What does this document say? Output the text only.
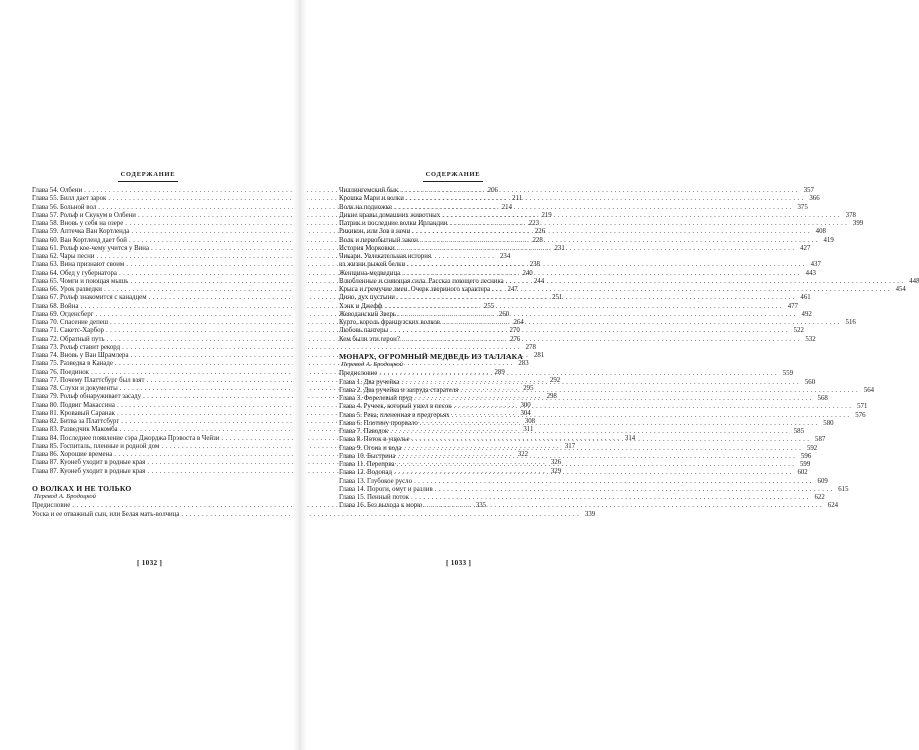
СОДЕРЖАНИЕ
Глава 54. Олбени . . .	206
Глава 55. Билл дает зарок . . .	211
Глава 56. Больной вол . . .	214
Глава 57. Рольф и Скукум в Олбени . . .	219
Глава 58. Вновь у себя на озере . . .	223
Глава 59. Аптечка Ван Кортленда . . .	226
Глава 60. Ван Кортленд дает бой . . .	228
Глава 61. Рольф кое-чему учится у Вина . . .	231
Глава 62. Чары песни . . .	234
Глава 63. Вина признают своим . . .	238
Глава 64. Обед у губернатора . . .	240
Глава 65. Чомги и поющая мышь . . .	244
Глава 66. Урок разведки . . .	247
Глава 67. Рольф знакомится с канадцем . . .	251
Глава 68. Война . . .	255
Глава 69. Огденсберг . . .	260
Глава 70. Спасение депеш . . .	264
Глава 71. Сакетс-Харбор . . .	270
Глава 72. Обратный путь . . .	276
Глава 73. Рольф ставит рекорд . . .	278
Глава 74. Вновь у Ван Шрамлера . . .	281
Глава 75. Разведка в Канаде . . .	283
Глава 76. Поединок . . .	289
Глава 77. Почему Платтсбург был взят . . .	292
Глава 78. Слухи и документы . . .	295
Глава 79. Рольф обнаруживает засаду . . .	298
Глава 80. Подвиг Макассина . . .	300
Глава 81. Кровавый Саранак . . .	304
Глава 82. Битва за Платтсбург . . .	308
Глава 83. Разведчик Макомба . . .	311
Глава 84. Последнее появление сэра Джорджа Прэвоста в Чейзи . . .	314
Глава 85. Госпиталь, пленные и родной дом . . .	317
Глава 86. Хорошие времена . . .	322
Глава 87. Куонеб уходит в родные края . . .	326
Глава 87. Куонеб уходит в родные края . . .	329
О ВОЛКАХ И НЕ ТОЛЬКО
Перевод А. Бродоцкой
Предисловие . . .	335
Уоска и ее отважный сын, или Белая мать-волчица . . .	339
[ 1032 ]
СОДЕРЖАНИЕ
Чиллингемский бык . . .	357
Крошка Мари и волки . . .	366
Волк на подножке . . .	375
Дикие нравы домашних животных . . .	378
Патрик и последние волки Ирландии . . .	399
Рикикон, или Зов в ночи . . .	408
Волк и первобытный закон . . .	419
История Морковки . . .	427
Чикари. Увлекательная история
из жизни рыжей белки . . .	437
Женщина-медведица . . .	443
Влюбленные и сияющая сила. Рассказ поющего лесника . . .	448
Крыса и гремучие змеи. Очерк звериного характера . . .	454
Дино, дух пустыни . . .	461
Хэнк и Джефф . . .	477
Жеводанский Зверь . . .	492
Курто, король французских волков . . .	516
Любовь пантеры . . .	522
Кем были эти герои? . . .	532
МОНАРХ, ОГРОМНЫЙ МЕДВЕДЬ ИЗ ТАЛЛАКА
Перевод А. Бродоцкой
Предисловие . . .	559
Глава 1. Два ручейка . . .	560
Глава 2. Два ручейка и запруда старателя . . .	564
Глава 3. Форелевый пруд . . .	568
Глава 4. Ручеек, который ушел в песок . . .	571
Глава 5. Река, плененная в предгорьях . . .	576
Глава 6. Плотину прорвало . . .	580
Глава 7. Паводок . . .	585
Глава 8. Поток в ущелье . . .	587
Глава 9. Огонь и вода . . .	592
Глава 10. Быстрина . . .	596
Глава 11. Перепрва . . .	599
Глава 12. Водопад . . .	602
Глава 13. Глубокое русло . . .	609
Глава 14. Пороги, омут и разлив . . .	615
Глава 15. Пенный поток . . .	622
Глава 16. Без выхода к морю . . .	624
[ 1033 ]
